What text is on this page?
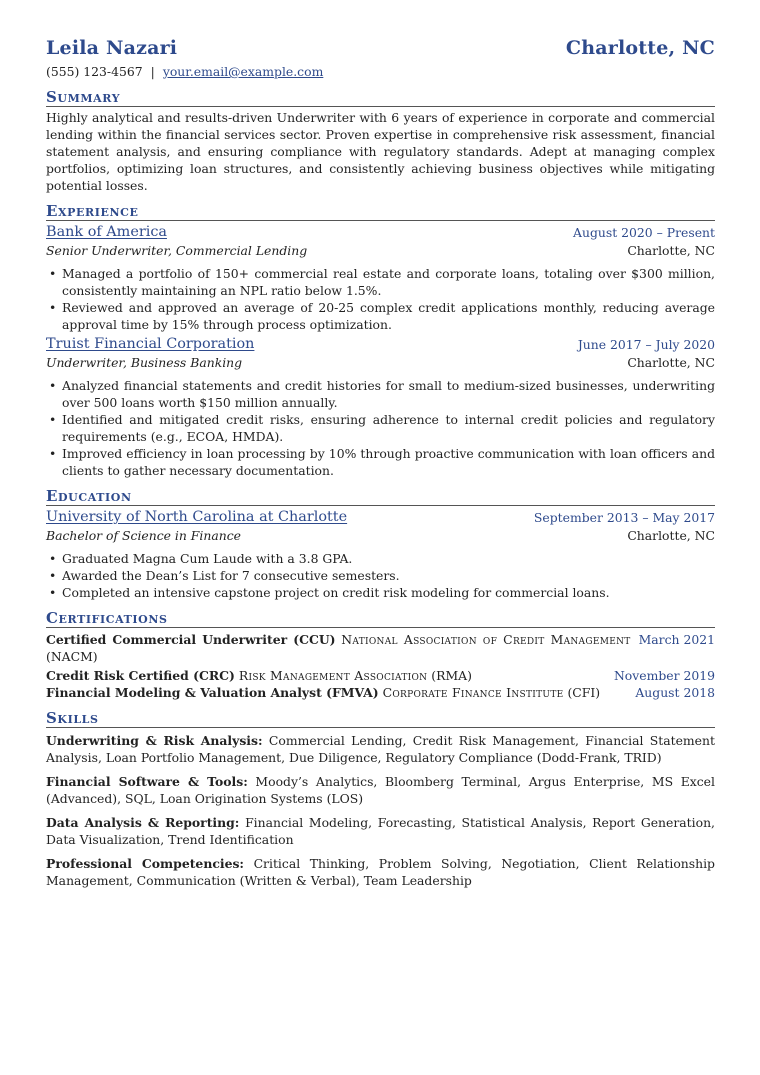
Leila Nazari	Charlotte, NC
(555) 123-4567 | your.email@example.com
Summary
Highly analytical and results-driven Underwriter with 6 years of experience in corporate and commercial lending within the financial services sector. Proven expertise in comprehensive risk assessment, financial statement analysis, and ensuring compliance with regulatory standards. Adept at managing complex portfolios, optimizing loan structures, and consistently achieving business objectives while mitigating potential losses.
Experience
Bank of America	August 2020 – Present
Senior Underwriter, Commercial Lending	Charlotte, NC
• Managed a portfolio of 150+ commercial real estate and corporate loans, totaling over $300 million, consistently maintaining an NPL ratio below 1.5%.
• Reviewed and approved an average of 20-25 complex credit applications monthly, reducing average approval time by 15% through process optimization.
Truist Financial Corporation	June 2017 – July 2020
Underwriter, Business Banking	Charlotte, NC
• Analyzed financial statements and credit histories for small to medium-sized businesses, underwriting over 500 loans worth $150 million annually.
• Identified and mitigated credit risks, ensuring adherence to internal credit policies and regulatory requirements (e.g., ECOA, HMDA).
• Improved efficiency in loan processing by 10% through proactive communication with loan officers and clients to gather necessary documentation.
Education
University of North Carolina at Charlotte	September 2013 – May 2017
Bachelor of Science in Finance	Charlotte, NC
• Graduated Magna Cum Laude with a 3.8 GPA.
• Awarded the Dean’s List for 7 consecutive semesters.
• Completed an intensive capstone project on credit risk modeling for commercial loans.
Certifications
Certified Commercial Underwriter (CCU) National Association of Credit Management (NACM)
March 2021
Credit Risk Certified (CRC) Risk Management Association (RMA)	November 2019
Financial Modeling & Valuation Analyst (FMVA) Corporate Finance Institute (CFI)	August 2018
Skills
Underwriting & Risk Analysis: Commercial Lending, Credit Risk Management, Financial Statement Analysis, Loan Portfolio Management, Due Diligence, Regulatory Compliance (Dodd-Frank, TRID)
Financial Software & Tools: Moody’s Analytics, Bloomberg Terminal, Argus Enterprise, MS Excel (Advanced), SQL, Loan Origination Systems (LOS)
Data Analysis & Reporting: Financial Modeling, Forecasting, Statistical Analysis, Report Generation, Data Visualization, Trend Identification
Professional Competencies: Critical Thinking, Problem Solving, Negotiation, Client Relationship Management, Communication (Written & Verbal), Team Leadership
